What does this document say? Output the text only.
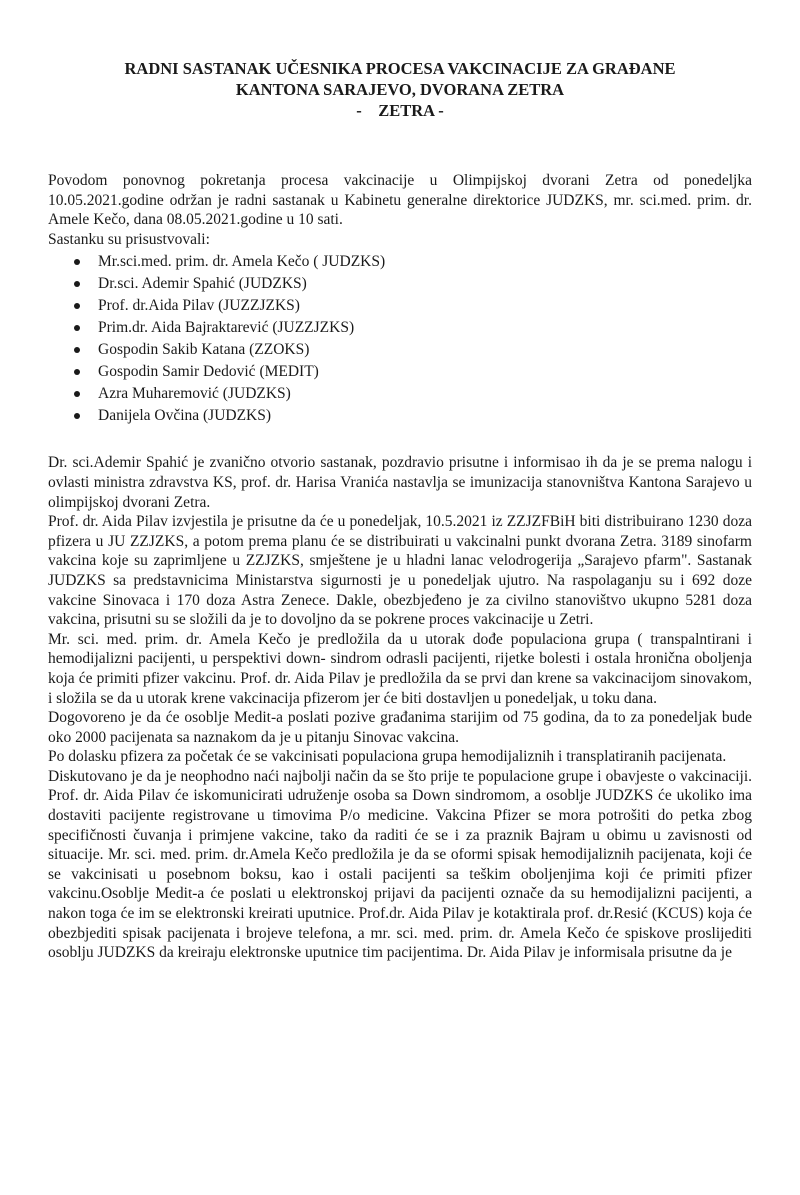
RADNI SASTANAK UČESNIKA PROCESA VAKCINACIJE ZA GRAĐANE

KANTONA SARAJEVO, DVORANA ZETRA

-    ZETRA -

Povodom ponovnog pokretanja procesa vakcinacije u Olimpijskoj dvorani Zetra od ponedeljka 10.05.2021.godine održan je radni sastanak u Kabinetu generalne direktorice JUDZKS, mr. sci.med. prim. dr. Amele Kečo, dana 08.05.2021.godine u 10 sati.

Sastanku su prisustvovali:

Mr.sci.med. prim. dr. Amela Kečo ( JUDZKS)
Dr.sci. Ademir Spahić (JUDZKS)
Prof. dr.Aida Pilav (JUZZJZKS)
Prim.dr. Aida Bajraktarević (JUZZJZKS)
Gospodin Sakib Katana (ZZOKS)
Gospodin Samir Dedović (MEDIT)
Azra Muharemović (JUDZKS)
Danijela Ovčina (JUDZKS)

Dr. sci.Ademir Spahić je zvanično otvorio sastanak, pozdravio prisutne i informisao ih da je se prema nalogu i ovlasti ministra zdravstva KS, prof. dr. Harisa Vranića nastavlja se imunizacija stanovništva Kantona Sarajevo u olimpijskoj dvorani Zetra.

Prof. dr. Aida Pilav izvjestila je prisutne da će u ponedeljak, 10.5.2021 iz ZZJZFBiH biti distribuirano 1230 doza pfizera u JU ZZJZKS, a potom prema planu će se distribuirati u vakcinalni punkt dvorana Zetra. 3189 sinofarm vakcina koje su zaprimljene u ZZJZKS, smještene je u hladni lanac velodrogerija „Sarajevo pfarm". Sastanak JUDZKS sa predstavnicima Ministarstva sigurnosti je u ponedeljak ujutro. Na raspolaganju su i 692 doze vakcine Sinovaca i 170 doza Astra Zenece. Dakle, obezbjeđeno je za civilno stanovištvo ukupno 5281 doza vakcina, prisutni su se složili da je to dovoljno da se pokrene proces vakcinacije u Zetri.

Mr. sci. med. prim. dr. Amela Kečo je predložila da u utorak dođe populaciona grupa ( transpalntirani i hemodijalizni pacijenti, u perspektivi down- sindrom odrasli pacijenti, rijetke bolesti i ostala hronična oboljenja koja će primiti pfizer vakcinu. Prof. dr. Aida Pilav je predložila da se prvi dan krene sa vakcinacijom sinovakom, i složila se da u utorak krene vakcinacija pfizerom jer će biti dostavljen u ponedeljak, u toku dana.

Dogovoreno je da će osoblje Medit-a poslati pozive građanima starijim od 75 godina, da to za ponedeljak bude oko 2000 pacijenata sa naznakom da je u pitanju Sinovac vakcina.

Po dolasku pfizera za početak će se vakcinisati populaciona grupa hemodijaliznih i transplatiranih pacijenata.

Diskutovano je da je neophodno naći najbolji način da se što prije te populacione grupe i obavjeste o vakcinaciji. Prof. dr. Aida Pilav će iskomunicirati udruženje osoba sa Down sindromom, a osoblje JUDZKS će ukoliko ima dostaviti pacijente registrovane u timovima P/o medicine. Vakcina Pfizer se mora potrošiti do petka zbog specifičnosti čuvanja i primjene vakcine, tako da raditi će se i za praznik Bajram u obimu u zavisnosti od situacije. Mr. sci. med. prim. dr.Amela Kečo predložila je da se oformi spisak hemodijaliznih pacijenata, koji će se vakcinisati u posebnom boksu, kao i ostali pacijenti sa teškim oboljenjima koji će primiti pfizer vakcinu.Osoblje Medit-a će poslati u elektronskoj prijavi da pacijenti označe da su hemodijalizni pacijenti, a nakon toga će im se elektronski kreirati uputnice. Prof.dr. Aida Pilav je kotaktirala prof. dr.Resić (KCUS) koja će obezbjediti spisak pacijenata i brojeve telefona, a mr. sci. med. prim. dr. Amela Kečo će spiskove proslijediti osoblju JUDZKS da kreiraju elektronske uputnice tim pacijentima. Dr. Aida Pilav je informisala prisutne da je
